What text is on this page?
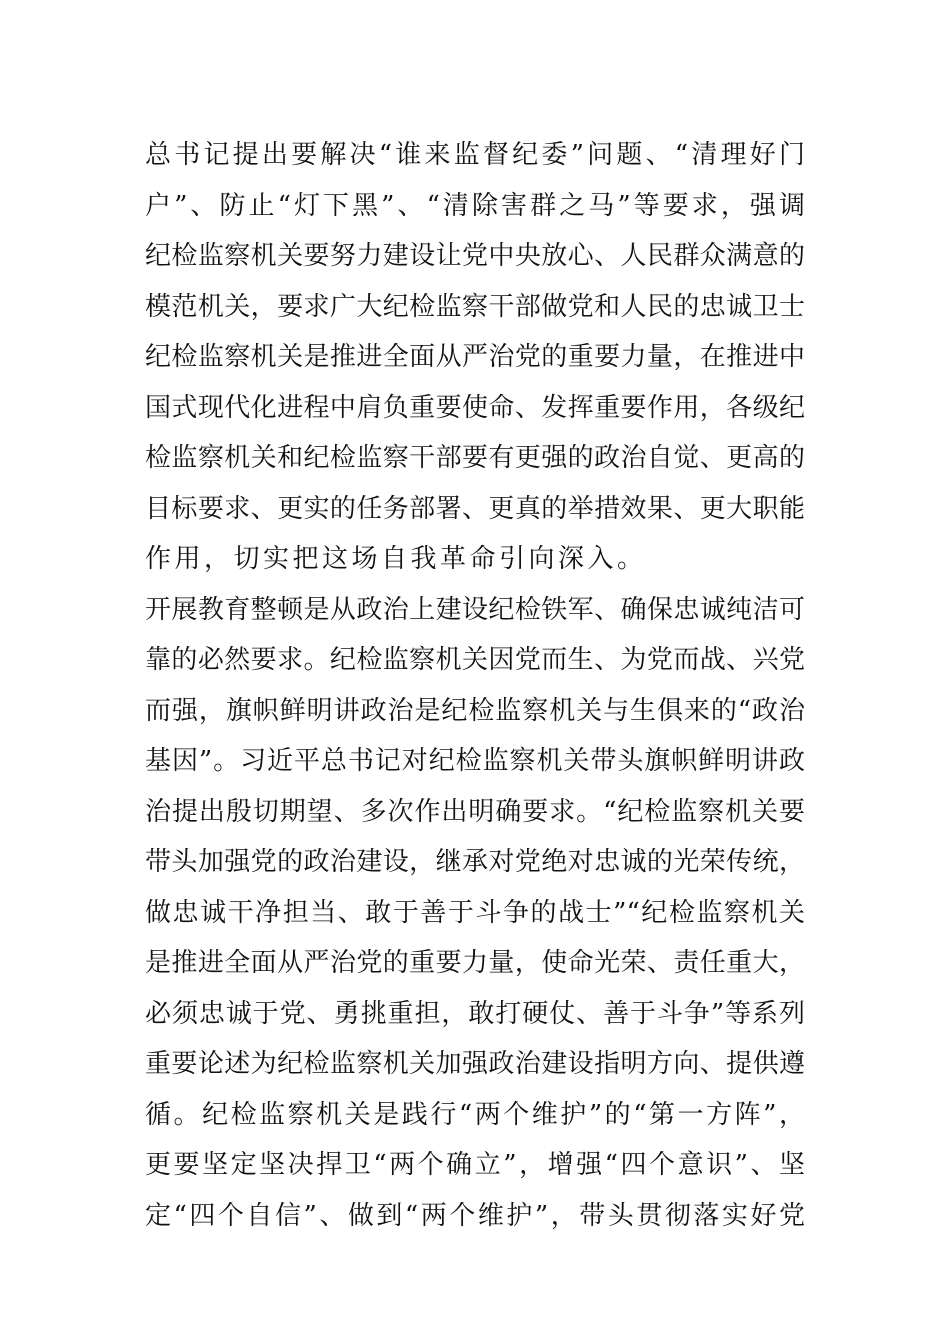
总书记提出要解决“谁来监督纪委”问题、“清理好门
户”、防止“灯下黑”、“清除害群之马”等要求，强调
纪检监察机关要努力建设让党中央放心、人民群众满意的
模范机关，要求广大纪检监察干部做党和人民的忠诚卫士
纪检监察机关是推进全面从严治党的重要力量，在推进中
国式现代化进程中肩负重要使命、发挥重要作用，各级纪
检监察机关和纪检监察干部要有更强的政治自觉、更高的
目标要求、更实的任务部署、更真的举措效果、更大职能
作用，切实把这场自我革命引向深入。
开展教育整顿是从政治上建设纪检铁军、确保忠诚纯洁可
靠的必然要求。纪检监察机关因党而生、为党而战、兴党
而强，旗帜鲜明讲政治是纪检监察机关与生俱来的“政治
基因”。习近平总书记对纪检监察机关带头旗帜鲜明讲政
治提出殷切期望、多次作出明确要求。“纪检监察机关要
带头加强党的政治建设，继承对党绝对忠诚的光荣传统，
做忠诚干净担当、敢于善于斗争的战士”“纪检监察机关
是推进全面从严治党的重要力量，使命光荣、责任重大，
必须忠诚于党、勇挑重担，敢打硬仗、善于斗争”等系列
重要论述为纪检监察机关加强政治建设指明方向、提供遵
循。纪检监察机关是践行“两个维护”的“第一方阵”，
更要坚定坚决捍卫“两个确立”，增强“四个意识”、坚
定“四个自信”、做到“两个维护”，带头贯彻落实好党
